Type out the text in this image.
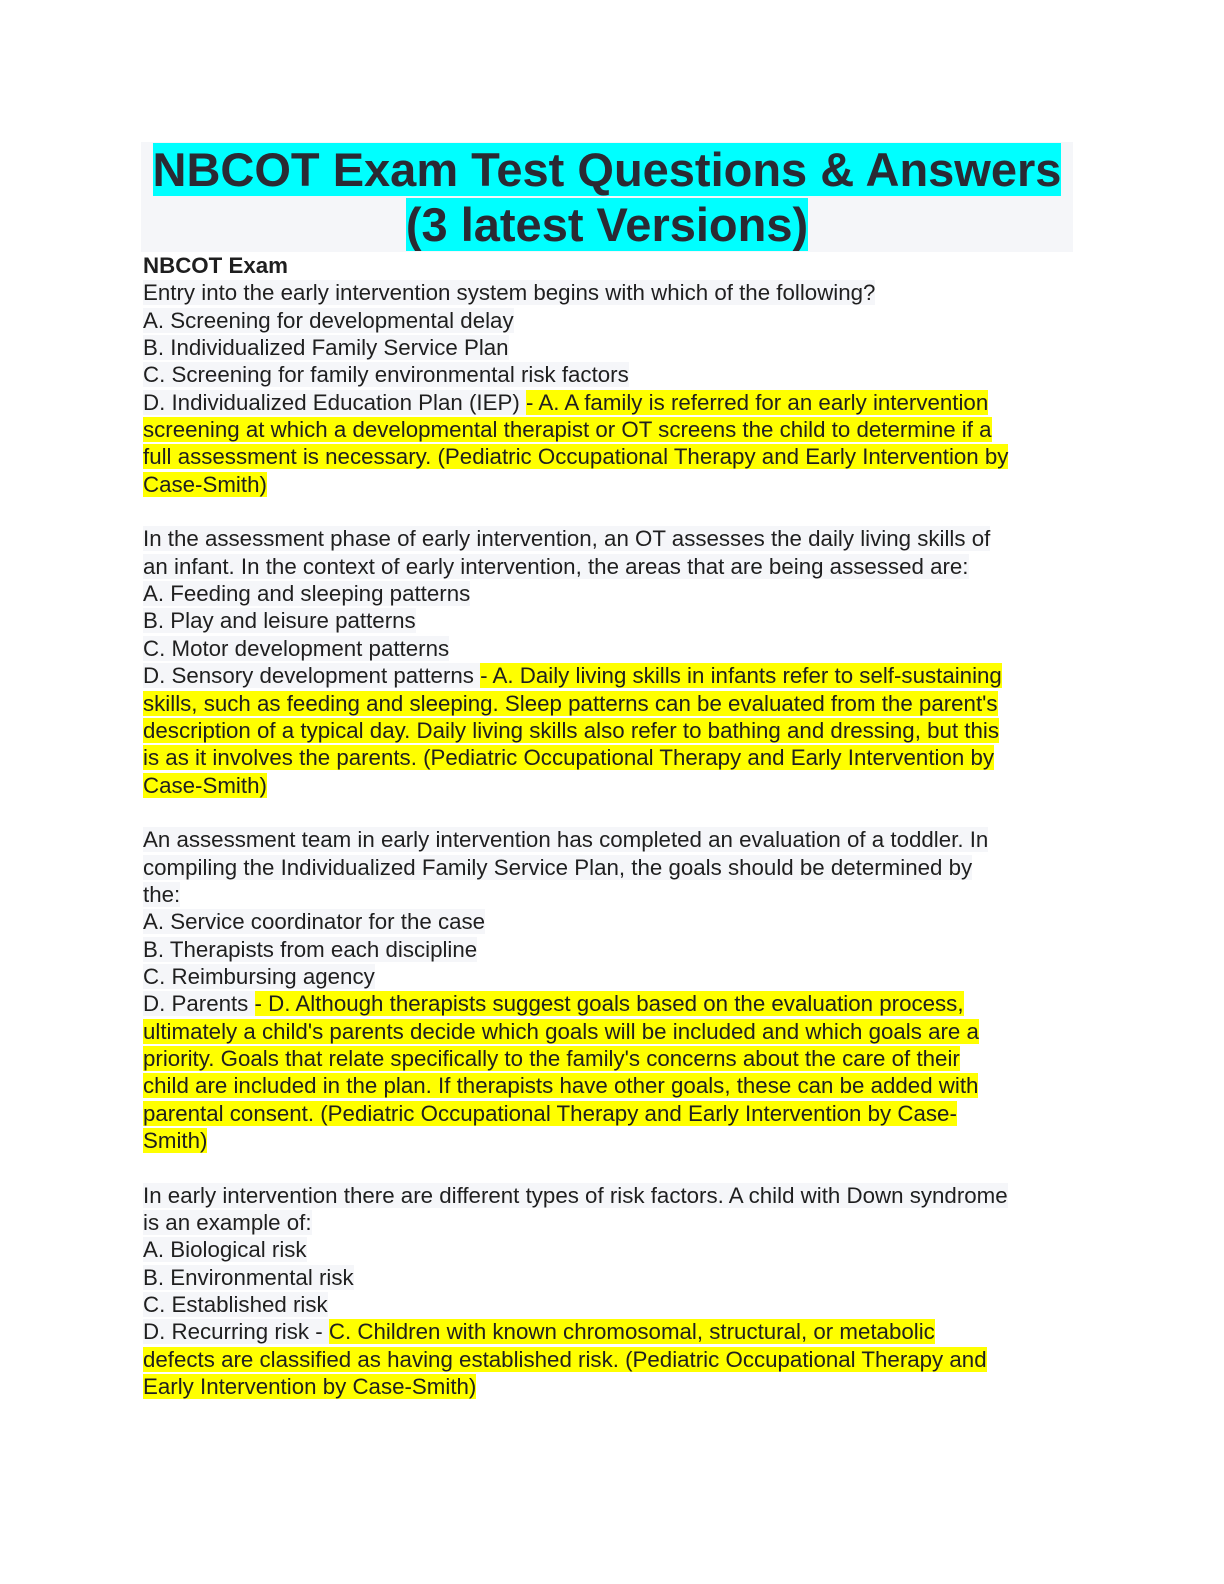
NBCOT Exam Test Questions & Answers
(3 latest Versions)
NBCOT Exam
Entry into the early intervention system begins with which of the following?
A. Screening for developmental delay
B. Individualized Family Service Plan
C. Screening for family environmental risk factors
D. Individualized Education Plan (IEP) - A. A family is referred for an early intervention
screening at which a developmental therapist or OT screens the child to determine if a
full assessment is necessary. (Pediatric Occupational Therapy and Early Intervention by
Case-Smith)
In the assessment phase of early intervention, an OT assesses the daily living skills of
an infant. In the context of early intervention, the areas that are being assessed are:
A. Feeding and sleeping patterns
B. Play and leisure patterns
C. Motor development patterns
D. Sensory development patterns - A. Daily living skills in infants refer to self-sustaining
skills, such as feeding and sleeping. Sleep patterns can be evaluated from the parent's
description of a typical day. Daily living skills also refer to bathing and dressing, but this
is as it involves the parents. (Pediatric Occupational Therapy and Early Intervention by
Case-Smith)
An assessment team in early intervention has completed an evaluation of a toddler. In
compiling the Individualized Family Service Plan, the goals should be determined by
the:
A. Service coordinator for the case
B. Therapists from each discipline
C. Reimbursing agency
D. Parents - D. Although therapists suggest goals based on the evaluation process,
ultimately a child's parents decide which goals will be included and which goals are a
priority. Goals that relate specifically to the family's concerns about the care of their
child are included in the plan. If therapists have other goals, these can be added with
parental consent. (Pediatric Occupational Therapy and Early Intervention by Case-
Smith)
In early intervention there are different types of risk factors. A child with Down syndrome
is an example of:
A. Biological risk
B. Environmental risk
C. Established risk
D. Recurring risk - C. Children with known chromosomal, structural, or metabolic
defects are classified as having established risk. (Pediatric Occupational Therapy and
Early Intervention by Case-Smith)
